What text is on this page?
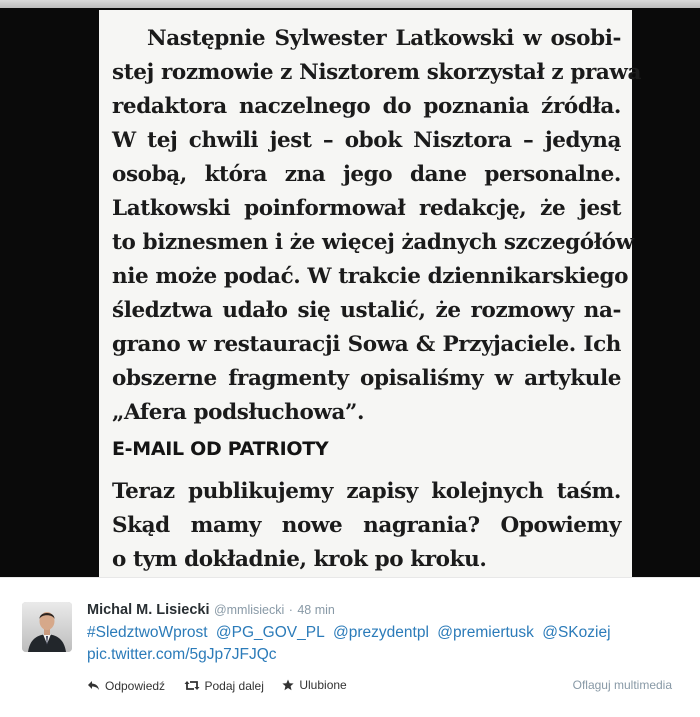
Następnie Sylwester Latkowski w osobi-
stej rozmowie z Nisztorem skorzystał z prawa
redaktora naczelnego do poznania źródła.
W tej chwili jest – obok Nisztora – jedyną
osobą, która zna jego dane personalne.
Latkowski poinformował redakcję, że jest
to biznesmen i że więcej żadnych szczegółów
nie może podać. W trakcie dziennikarskiego
śledztwa udało się ustalić, że rozmowy na-
grano w restauracji Sowa & Przyjaciele. Ich
obszerne fragmenty opisaliśmy w artykule
„Afera podsłuchowa”.
E-MAIL OD PATRIOTY
Teraz publikujemy zapisy kolejnych taśm.
Skąd mamy nowe nagrania? Opowiemy
o tym dokładnie, krok po kroku.
Michal M. Lisiecki @mmlisiecki · 48 min
#SledztwoWprost @PG_GOV_PL @prezydentpl @premiertusk @SKoziej
pic.twitter.com/5gJp7JFJQc
Odpowiedź
	Podaj dalej
	Ulubione	Oflaguj multimedia
